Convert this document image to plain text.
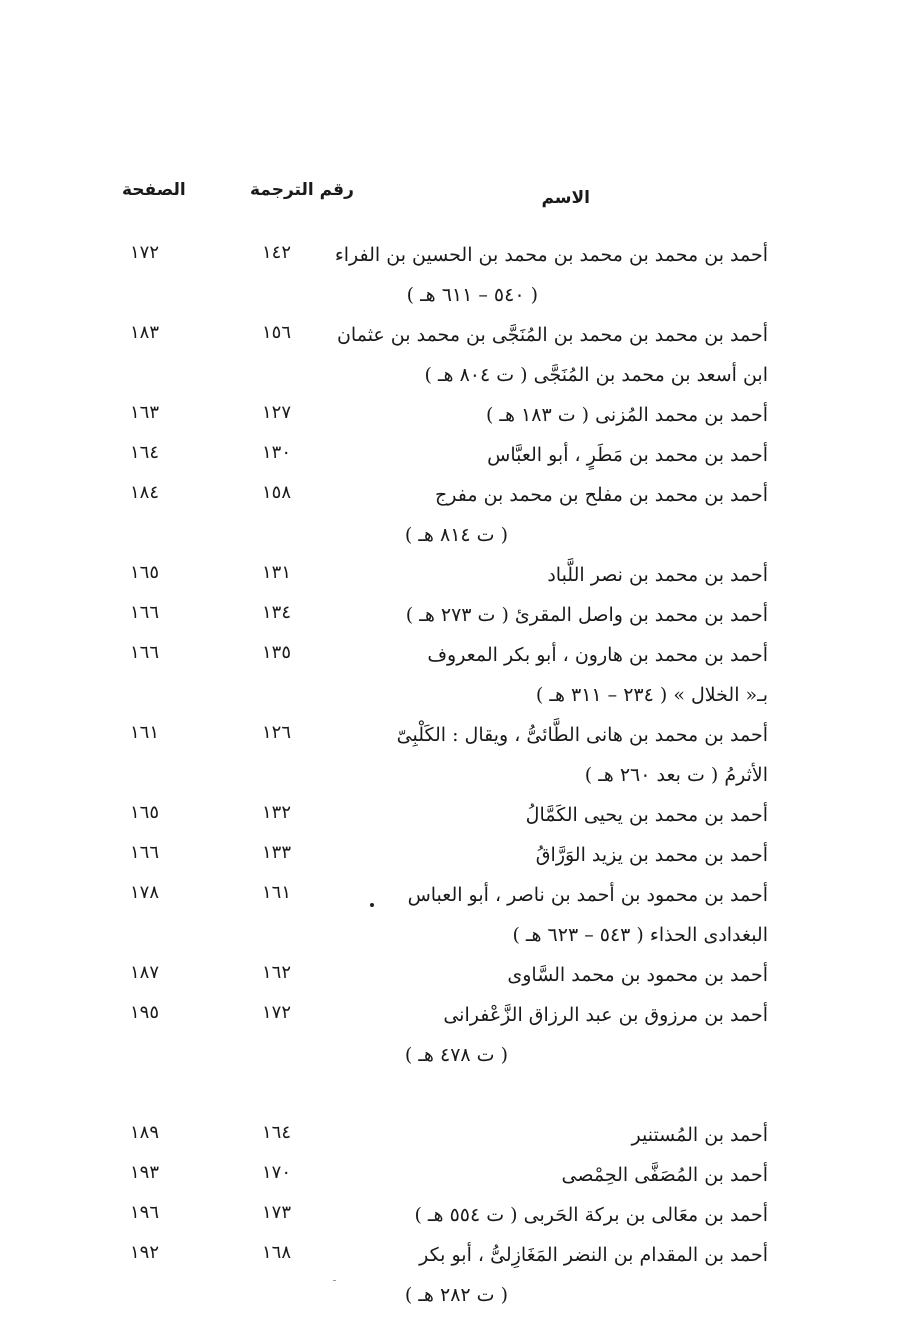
الاسم
رقم الترجمة
الصفحة
أحمد بن محمد بن محمد بن محمد بن الحسين بن الفراء
١٤٢
١٧٢
( ٥٤٠ – ٦١١ هـ )
أحمد بن محمد بن محمد بن المُنَجَّى بن محمد بن عثمان
١٥٦
١٨٣
ابن أسعد بن محمد بن المُنَجَّى ( ت ٨٠٤ هـ )
أحمد بن محمد المُزنى ( ت ١٨٣ هـ )
١٢٧
١٦٣
أحمد بن محمد بن مَطَرٍ ، أبو العبَّاس
١٣٠
١٦٤
أحمد بن محمد بن مفلح بن محمد بن مفرج
١٥٨
١٨٤
( ت ٨١٤ هـ )
أحمد بن محمد بن نصر اللَّباد
١٣١
١٦٥
أحمد بن محمد بن واصل المقرئ ( ت ٢٧٣ هـ )
١٣٤
١٦٦
أحمد بن محمد بن هارون ، أبو بكر المعروف
١٣٥
١٦٦
بـ« الخلال » ( ٢٣٤ – ٣١١ هـ )
أحمد بن محمد بن هانى الطَّائىُّ ، ويقال : الكَلْبِىّ
١٢٦
١٦١
الأثرمُ ( ت بعد ٢٦٠ هـ )
أحمد بن محمد بن يحيى الكَمَّالُ
١٣٢
١٦٥
أحمد بن محمد بن يزيد الوَرَّاقُ
١٣٣
١٦٦
أحمد بن محمود بن أحمد بن ناصر ، أبو العباس
١٦١
١٧٨
البغدادى الحذاء ( ٥٤٣ – ٦٢٣ هـ )
أحمد بن محمود بن محمد السَّاوى
١٦٢
١٨٧
أحمد بن مرزوق بن عبد الرزاق الزَّعْفرانى
١٧٢
١٩٥
( ت ٤٧٨ هـ )
أحمد بن المُستنير
١٦٤
١٨٩
أحمد بن المُصَفَّى الحِمْصى
١٧٠
١٩٣
أحمد بن معَالى بن بركة الحَربى ( ت ٥٥٤ هـ )
١٧٣
١٩٦
أحمد بن المقدام بن النضر المَغَازِلىُّ ، أبو بكر
١٦٨
١٩٢
( ت ٢٨٢ هـ )
